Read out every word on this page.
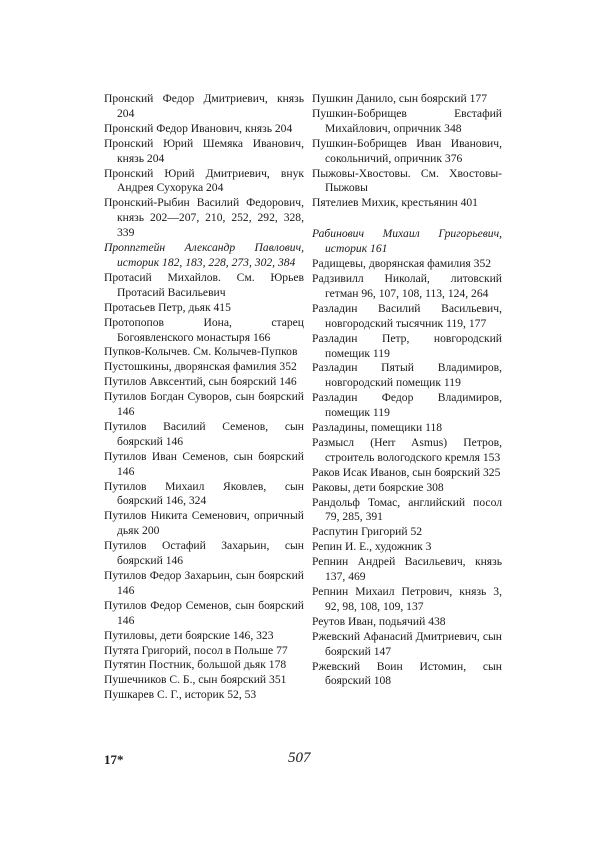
Пронский Федор Дмитриевич, князь 204

Пронский Федор Иванович, князь 204

Пронский Юрий Шемяка Иванович, князь 204

Пронский Юрий Дмитриевич, внук Андрея Сухорука 204

Пронский-Рыбин Василий Федорович, князь 202—207, 210, 252, 292, 328, 339

Проппгтейн Александр Павлович, историк 182, 183, 228, 273, 302, 384

Протасий Михайлов. См. Юрьев Протасий Васильевич

Протасьев Петр, дьяк 415

Протопопов Иона, старец Богоявленского монастыря 166

Пупков-Колычев. См. Колычев-Пупков

Пустошкины, дворянская фамилия 352

Путилов Авксентий, сын боярский 146

Путилов Богдан Суворов, сын боярский 146

Путилов Василий Семенов, сын боярский 146

Путилов Иван Семенов, сын боярский 146

Путилов Михаил Яковлев, сын боярский 146, 324

Путилов Никита Семенович, опричный дьяк 200

Путилов Остафий Захарьин, сын боярский 146

Путилов Федор Захарьин, сын боярский 146

Путилов Федор Семенов, сын боярский 146

Путиловы, дети боярские 146, 323

Путята Григорий, посол в Польше 77

Путятин Постник, большой дьяк 178

Пушечников С. Б., сын боярский 351

Пушкарев С. Г., историк 52, 53

Пушкин Данило, сын боярский 177

Пушкин-Бобрищев Евстафий Михайлович, опричник 348

Пушкин-Бобрищев Иван Иванович, сокольничий, опричник 376

Пыжовы-Хвостовы. См. Хвостовы-Пыжовы

Пятелиев Михик, крестьянин 401

Рабинович Михаил Григорьевич, историк 161

Радищевы, дворянская фамилия 352

Радзивилл Николай, литовский гетман 96, 107, 108, 113, 124, 264

Разладин Василий Васильевич, новгородский тысячник 119, 177

Разладин Петр, новгородский помещик 119

Разладин Пятый Владимиров, новгородский помещик 119

Разладин Федор Владимиров, помещик 119

Разладины, помещики 118

Размысл (Herr Asmus) Петров, строитель вологодского кремля 153

Раков Исак Иванов, сын боярский 325

Раковы, дети боярские 308

Рандольф Томас, английский посол 79, 285, 391

Распутин Григорий 52

Репин И. Е., художник 3

Репнин Андрей Васильевич, князь 137, 469

Репнин Михаил Петрович, князь 3, 92, 98, 108, 109, 137

Реутов Иван, подьячий 438

Ржевский Афанасий Дмитриевич, сын боярский 147

Ржевский Воин Истомин, сын боярский 108

17*	507
